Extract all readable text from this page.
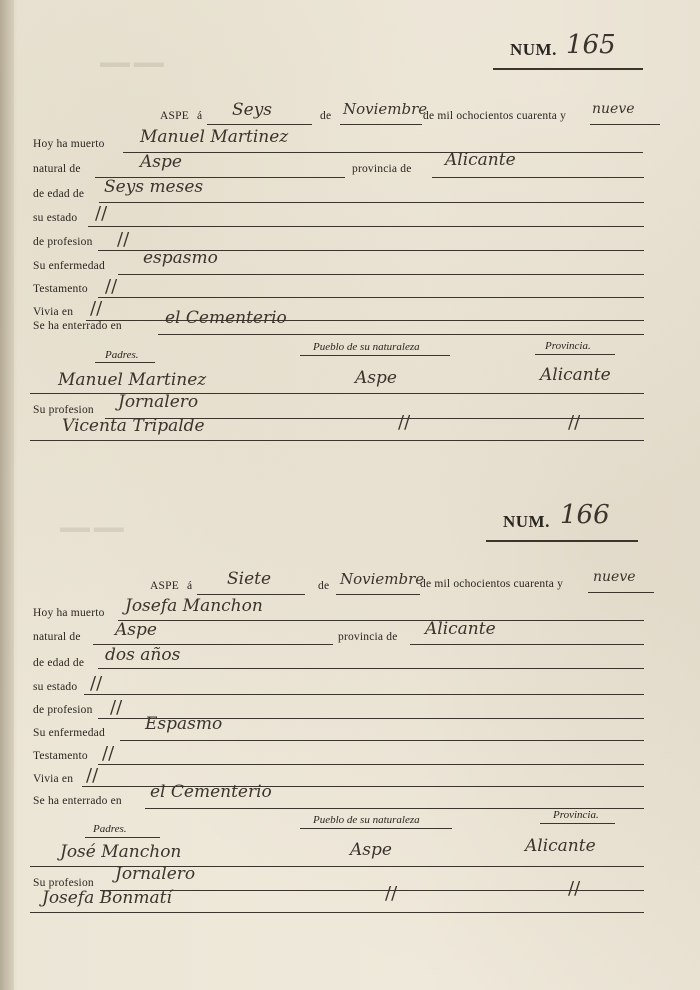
▬▬ ▬▬
▬▬ ▬▬
NUM. 165
ASPE á Seys	de Noviembre
de mil ochocientos cuarenta y nueve
Hoy ha muerto Manuel Martinez
natural de	Aspe	provincia de Alicante
de edad de Seys meses
su estado //
de profesion //
Su enfermedad espasmo
Testamento //
Vivia en //
Se ha enterrado en	el Cementerio
Padres.
Pueblo de su naturaleza	Provincia.
Manuel Martinez	Aspe	Alicante
Su profesion Jornalero
Vicenta Tripalde	//	//
NUM. 166
ASPE á Siete	de Noviembre
de mil ochocientos cuarenta y nueve
Hoy ha muerto Josefa Manchon
natural de Aspe	provincia de Alicante
de edad de dos años
su estado //
de profesion //
Su enfermedad Espasmo
Testamento //
Vivia en //
Se ha enterrado en el Cementerio
Padres.
Pueblo de su naturaleza	Provincia.
José Manchon	Aspe	Alicante
Su profesion Jornalero
Josefa Bonmatí	//	//
